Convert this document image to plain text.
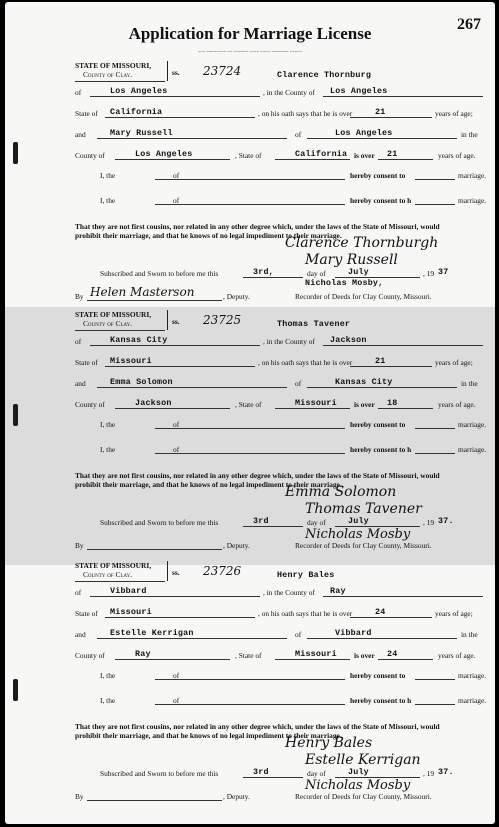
267
Application for Marriage License
=== ======== == ====== ==== ==== ======= =====
STATE OF MISSOURI,
County of Clay.	ss. 23724	Clarence Thornburg
of	Los Angeles	, in the County of Los Angeles
State of California	, on his oath says that he is over	21	years of age;
and	Mary Russell	of	Los Angeles	in the
County of	Los Angeles	, State of	California is over 21	years of age.
I, the	of	hereby consent to	marriage.
I, the	of	hereby consent to h	marriage.
That they are not first cousins, nor related in any other degree which, under the laws of the State of Missouri, would
prohibit their marriage, and that he knows of no legal impediment to their marriage.
Clarence Thornburgh
Mary Russell
Subscribed and Sworn to before me this	3rd,	day of	July	, 19 37
By Helen Masterson	, Deputy.
Nicholas Mosby,
Recorder of Deeds for Clay County, Missouri.
STATE OF MISSOURI,
County of Clay.	ss. 23725	Thomas Tavener
of	Kansas City	, in the County of Jackson
State of Missouri	, on his oath says that he is over	21	years of age;
and	Emma Solomon	of	Kansas City	in the
County of	Jackson	, State of	Missouri is over 18	years of age.
I, the	of	hereby consent to	marriage.
I, the	of	hereby consent to h	marriage.
That they are not first cousins, nor related in any other degree which, under the laws of the State of Missouri, would
prohibit their marriage, and that he knows of no legal impediment to their marriage.
Emma Solomon
Thomas Tavener
Subscribed and Sworn to before me this	3rd	day of	July	, 19 37.
By	, Deputy.
Nicholas Mosby
Recorder of Deeds for Clay County, Missouri.
STATE OF MISSOURI,
County of Clay.	ss. 23726	Henry Bales
of	Vibbard	, in the County of Ray
State of Missouri	, on his oath says that he is over	24	years of age;
and	Estelle Kerrigan	of	Vibbard	in the
County of	Ray	, State of	Missouri is over 24	years of age.
I, the	of	hereby consent to	marriage.
I, the	of	hereby consent to h	marriage.
That they are not first cousins, nor related in any other degree which, under the laws of the State of Missouri, would
prohibit their marriage, and that he knows of no legal impediment to their marriage.
Henry Bales
Estelle Kerrigan
Subscribed and Sworn to before me this	3rd	day of	July	, 19 37.
By	, Deputy.
Nicholas Mosby
Recorder of Deeds for Clay County, Missouri.
